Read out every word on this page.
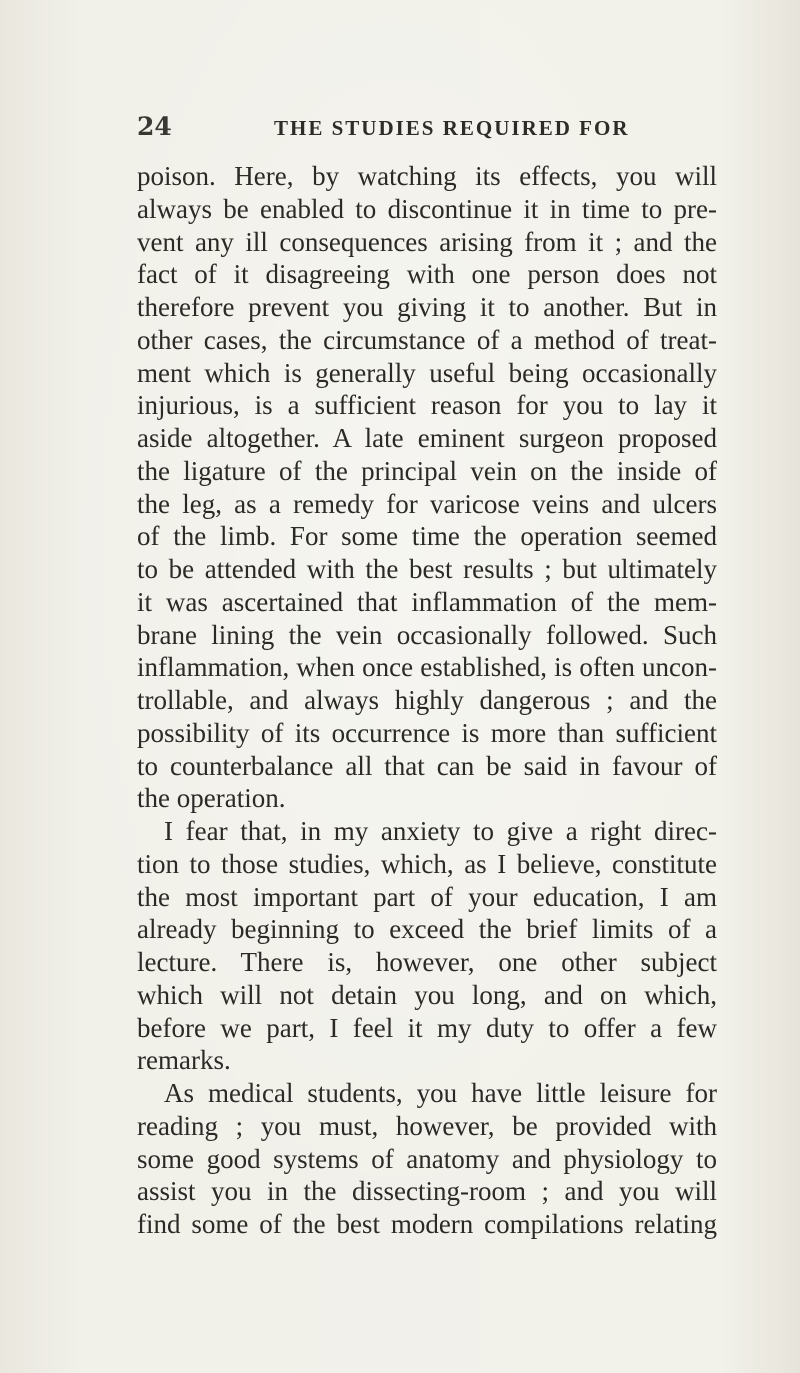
24	THE STUDIES REQUIRED FOR
poison. Here, by watching its effects, you will
always be enabled to discontinue it in time to pre-
vent any ill consequences arising from it ; and the
fact of it disagreeing with one person does not
therefore prevent you giving it to another. But in
other cases, the circumstance of a method of treat-
ment which is generally useful being occasionally
injurious, is a sufficient reason for you to lay it
aside altogether. A late eminent surgeon proposed
the ligature of the principal vein on the inside of
the leg, as a remedy for varicose veins and ulcers
of the limb. For some time the operation seemed
to be attended with the best results ; but ultimately
it was ascertained that inflammation of the mem-
brane lining the vein occasionally followed. Such
inflammation, when once established, is often uncon-
trollable, and always highly dangerous ; and the
possibility of its occurrence is more than sufficient
to counterbalance all that can be said in favour of
the operation.
I fear that, in my anxiety to give a right direc-
tion to those studies, which, as I believe, constitute
the most important part of your education, I am
already beginning to exceed the brief limits of a
lecture. There is, however, one other subject
which will not detain you long, and on which,
before we part, I feel it my duty to offer a few
remarks.
As medical students, you have little leisure for
reading ; you must, however, be provided with
some good systems of anatomy and physiology to
assist you in the dissecting-room ; and you will
find some of the best modern compilations relating
